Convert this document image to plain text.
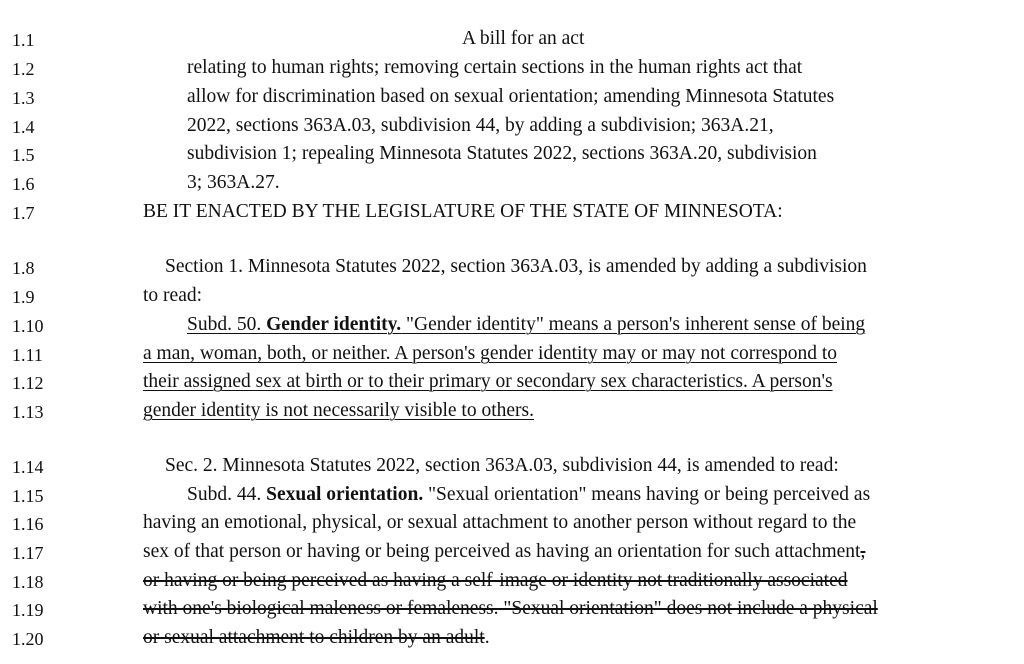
1.1
1.2
1.3
1.4
1.5
1.6
1.7
1.8
1.9
1.10
1.11
1.12
1.13
1.14
1.15
1.16
1.17
1.18
1.19
1.20
A bill for an act
relating to human rights; removing certain sections in the human rights act that
allow for discrimination based on sexual orientation; amending Minnesota Statutes
2022, sections 363A.03, subdivision 44, by adding a subdivision; 363A.21,
subdivision 1; repealing Minnesota Statutes 2022, sections 363A.20, subdivision
3; 363A.27.
BE IT ENACTED BY THE LEGISLATURE OF THE STATE OF MINNESOTA:
Section 1. Minnesota Statutes 2022, section 363A.03, is amended by adding a subdivision
to read:
Subd. 50. Gender identity. "Gender identity" means a person's inherent sense of being
a man, woman, both, or neither. A person's gender identity may or may not correspond to
their assigned sex at birth or to their primary or secondary sex characteristics. A person's
gender identity is not necessarily visible to others.
Sec. 2. Minnesota Statutes 2022, section 363A.03, subdivision 44, is amended to read:
Subd. 44. Sexual orientation. "Sexual orientation" means having or being perceived as
having an emotional, physical, or sexual attachment to another person without regard to the
sex of that person or having or being perceived as having an orientation for such attachment,
or having or being perceived as having a self-image or identity not traditionally associated
with one's biological maleness or femaleness. "Sexual orientation" does not include a physical
or sexual attachment to children by an adult.
